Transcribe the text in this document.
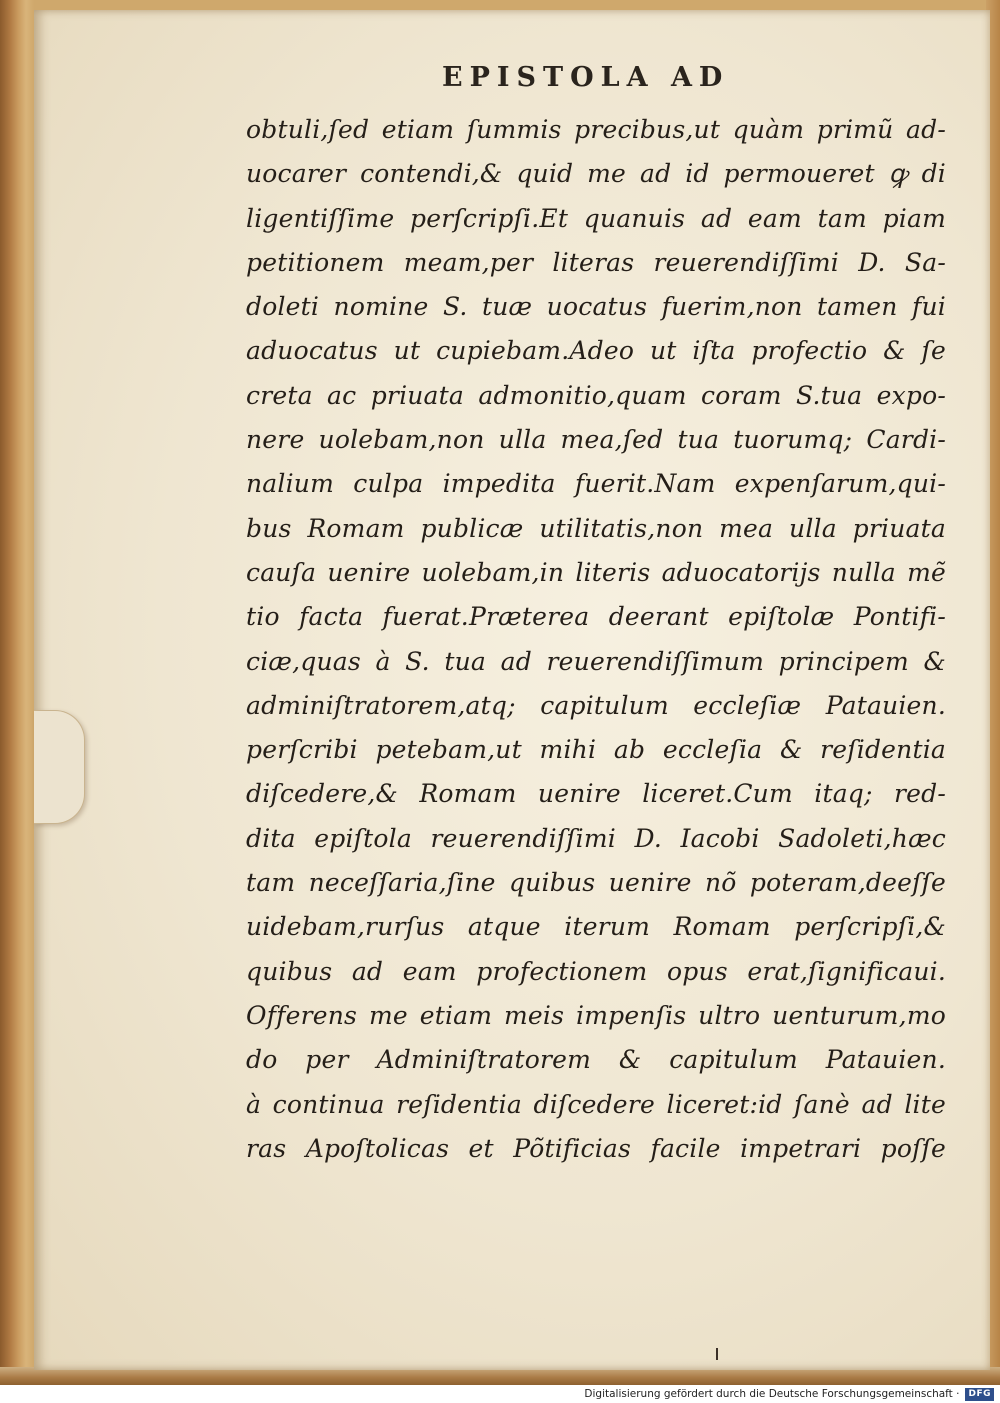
EPISTOLA AD
obtuli,ſed etiam ſummis precibus,ut quàm primũ ad-
uocarer contendi,& quid me ad id permoueret ꝙ di
ligentiſſime perſcripſi.Et quanuis ad eam tam piam
petitionem meam,per literas reuerendiſſimi D. Sa-
doleti nomine S. tuæ uocatus fuerim,non tamen fui
aduocatus ut cupiebam.Adeo ut iſta profectio & ſe
creta ac priuata admonitio,quam coram S.tua expo-
nere uolebam,non ulla mea,ſed tua tuorumq; Cardi-
nalium culpa impedita fuerit.Nam expenſarum,qui-
bus Romam publicæ utilitatis,non mea ulla priuata
cauſa uenire uolebam,in literis aduocatorijs nulla mẽ
tio facta fuerat.Præterea deerant epiſtolæ Pontifi-
ciæ,quas à S. tua ad reuerendiſſimum principem &
adminiſtratorem,atq; capitulum eccleſiæ Patauien.
perſcribi petebam,ut mihi ab eccleſia & reſidentia
diſcedere,& Romam uenire liceret.Cum itaq; red-
dita epiſtola reuerendiſſimi D. Iacobi Sadoleti,hæc
tam neceſſaria,ſine quibus uenire nõ poteram,deeſſe
uidebam,rurſus atque iterum Romam perſcripſi,&
quibus ad eam profectionem opus erat,ſignificaui.
Offerens me etiam meis impenſis ultro uenturum,mo
do per Adminiſtratorem & capitulum Patauien.
à continua reſidentia diſcedere liceret:id ſanè ad lite
ras Apoſtolicas et Põtificias facile impetrari poſſe
Digitalisierung gefördert durch die Deutsche Forschungsgemeinschaft ·	DFG
